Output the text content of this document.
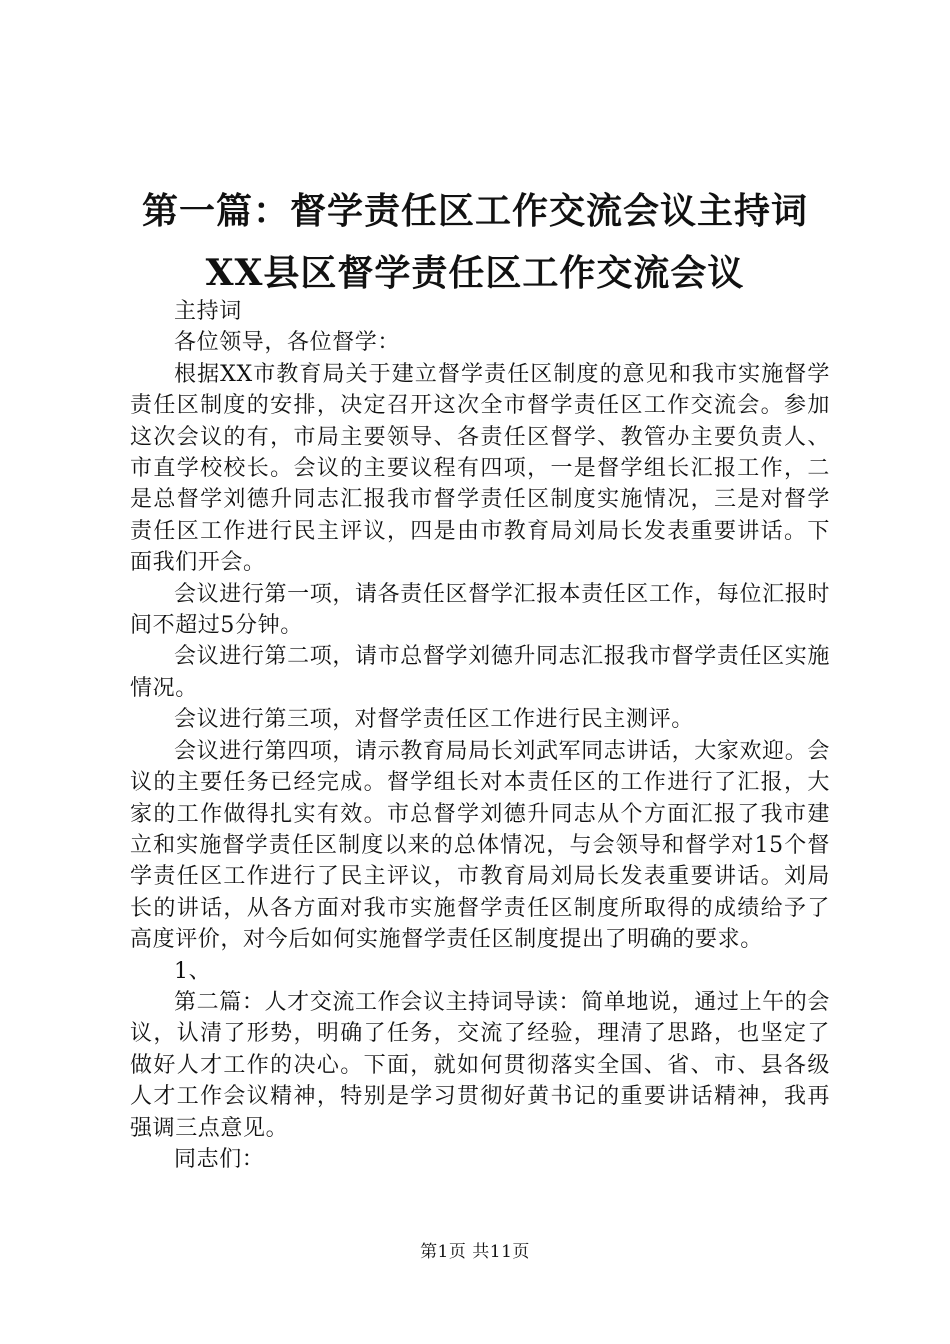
第一篇：督学责任区工作交流会议主持词XX县区督学责任区工作交流会议

主持词

各位领导，各位督学：

根据XX市教育局关于建立督学责任区制度的意见和我市实施督学责任区制度的安排，决定召开这次全市督学责任区工作交流会。参加这次会议的有，市局主要领导、各责任区督学、教管办主要负责人、市直学校校长。会议的主要议程有四项，一是督学组长汇报工作，二是总督学刘德升同志汇报我市督学责任区制度实施情况，三是对督学责任区工作进行民主评议，四是由市教育局刘局长发表重要讲话。下面我们开会。

会议进行第一项，请各责任区督学汇报本责任区工作，每位汇报时间不超过5分钟。

会议进行第二项，请市总督学刘德升同志汇报我市督学责任区实施情况。

会议进行第三项，对督学责任区工作进行民主测评。

会议进行第四项，请示教育局局长刘武军同志讲话，大家欢迎。会议的主要任务已经完成。督学组长对本责任区的工作进行了汇报，大家的工作做得扎实有效。市总督学刘德升同志从个方面汇报了我市建立和实施督学责任区制度以来的总体情况，与会领导和督学对15个督学责任区工作进行了民主评议，市教育局刘局长发表重要讲话。刘局长的讲话，从各方面对我市实施督学责任区制度所取得的成绩给予了高度评价，对今后如何实施督学责任区制度提出了明确的要求。

1、

第二篇：人才交流工作会议主持词导读：简单地说，通过上午的会议，认清了形势，明确了任务，交流了经验，理清了思路，也坚定了做好人才工作的决心。下面，就如何贯彻落实全国、省、市、县各级人才工作会议精神，特别是学习贯彻好黄书记的重要讲话精神，我再强调三点意见。

同志们：

第1页 共11页
